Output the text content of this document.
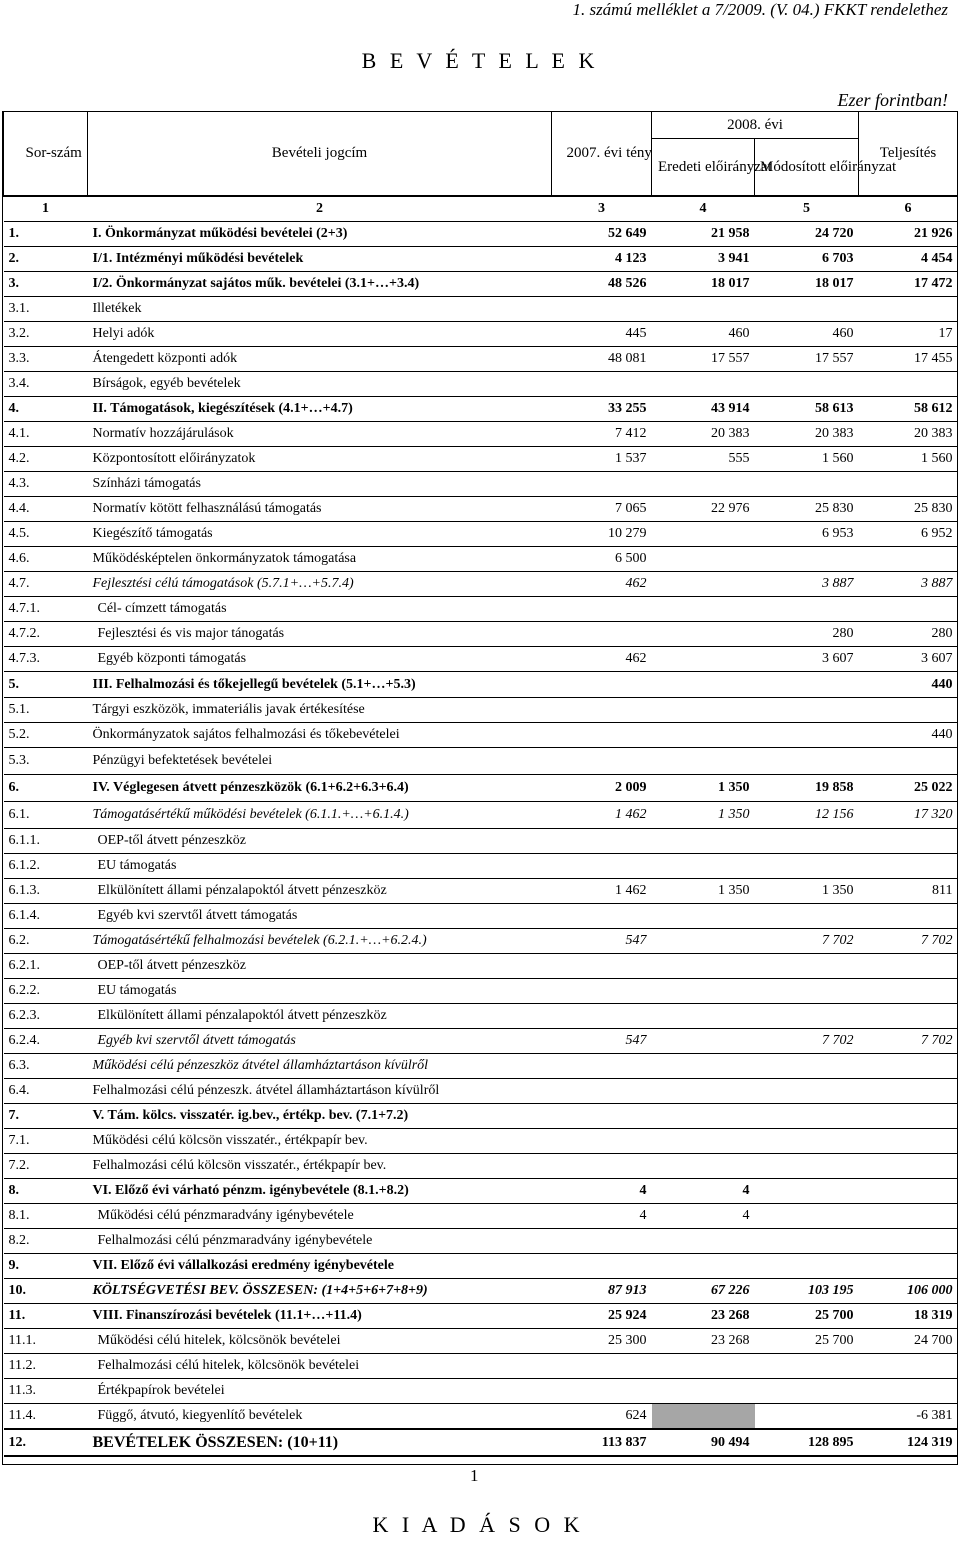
1. számú melléklet a 7/2009. (V. 04.) FKKT rendelethez
B E V É T E L E K
Ezer forintban!
Sor-szám	Bevételi jogcím	2007. évi tény	2008. évi		Teljesítés
			Eredeti előirányzat	Módosított előirányzat	
1	2	3	4	5	6
1.	I. Önkormányzat működési bevételei (2+3)	52 649	21 958	24 720	21 926
2.	I/1. Intézményi működési bevételek	4 123	3 941	6 703	4 454
3.	I/2. Önkormányzat sajátos műk. bevételei (3.1+…+3.4)	48 526	18 017	18 017	17 472
3.1.	Illetékek				
3.2.	Helyi adók	445	460	460	17
3.3.	Átengedett központi adók	48 081	17 557	17 557	17 455
3.4.	Bírságok, egyéb bevételek				
4.	II. Támogatások, kiegészítések (4.1+…+4.7)	33 255	43 914	58 613	58 612
4.1.	Normatív hozzájárulások	7 412	20 383	20 383	20 383
4.2.	Központosított előirányzatok	1 537	555	1 560	1 560
4.3.	Színházi támogatás				
4.4.	Normatív kötött felhasználású támogatás	7 065	22 976	25 830	25 830
4.5.	Kiegészítő támogatás	10 279		6 953	6 952
4.6.	Működésképtelen önkormányzatok támogatása	6 500			
4.7.	Fejlesztési célú támogatások (5.7.1+…+5.7.4)	462		3 887	3 887
4.7.1.	Cél- címzett támogatás				
4.7.2.	Fejlesztési és vis major tánogatás			280	280
4.7.3.	Egyéb központi támogatás	462		3 607	3 607
5.	III. Felhalmozási és tőkejellegű bevételek (5.1+…+5.3)				440
5.1.	Tárgyi eszközök, immateriális javak értékesítése				
5.2.	Önkormányzatok sajátos felhalmozási és tőkebevételei				440
5.3.	Pénzügyi befektetések bevételei				
6.	IV. Véglegesen átvett pénzeszközök (6.1+6.2+6.3+6.4)	2 009	1 350	19 858	25 022
6.1.	Támogatásértékű működési bevételek (6.1.1.+…+6.1.4.)	1 462	1 350	12 156	17 320
6.1.1.	OEP-től átvett pénzeszköz				
6.1.2.	EU támogatás				
6.1.3.	Elkülönített állami pénzalapoktól átvett pénzeszköz	1 462	1 350	1 350	811
6.1.4.	Egyéb kvi szervtől átvett támogatás				
6.2.	Támogatásértékű felhalmozási bevételek (6.2.1.+…+6.2.4.)	547		7 702	7 702
6.2.1.	OEP-től átvett pénzeszköz				
6.2.2.	EU támogatás				
6.2.3.	Elkülönített állami pénzalapoktól átvett pénzeszköz				
6.2.4.	Egyéb kvi szervtől átvett támogatás	547		7 702	7 702
6.3.	Működési célú pénzeszköz átvétel államháztartáson kívülről				
6.4.	Felhalmozási célú pénzeszk. átvétel államháztartáson kívülről				
7.	V. Tám. kölcs. visszatér. ig.bev., értékp. bev. (7.1+7.2)				
7.1.	Működési célú kölcsön visszatér., értékpapír bev.				
7.2.	Felhalmozási célú kölcsön visszatér., értékpapír bev.				
8.	VI. Előző évi várható pénzm. igénybevétele (8.1.+8.2)	4	4		
8.1.	Működési célú pénzmaradvány igénybevétele	4	4		
8.2.	Felhalmozási célú pénzmaradvány igénybevétele				
9.	VII. Előző évi vállalkozási eredmény igénybevétele				
10.	KÖLTSÉGVETÉSI BEV. ÖSSZESEN: (1+4+5+6+7+8+9)	87 913	67 226	103 195	106 000
11.	VIII. Finanszírozási bevételek (11.1+…+11.4)	25 924	23 268	25 700	18 319
11.1.	Működési célú hitelek, kölcsönök bevételei	25 300	23 268	25 700	24 700
11.2.	Felhalmozási célú hitelek, kölcsönök bevételei				
11.3.	Értékpapírok bevételei				
11.4.	Függő, átvutó, kiegyenlítő bevételek	624			-6 381
12.	BEVÉTELEK ÖSSZESEN: (10+11)	113 837	90 494	128 895	124 319
1
K I A D Á S O K
